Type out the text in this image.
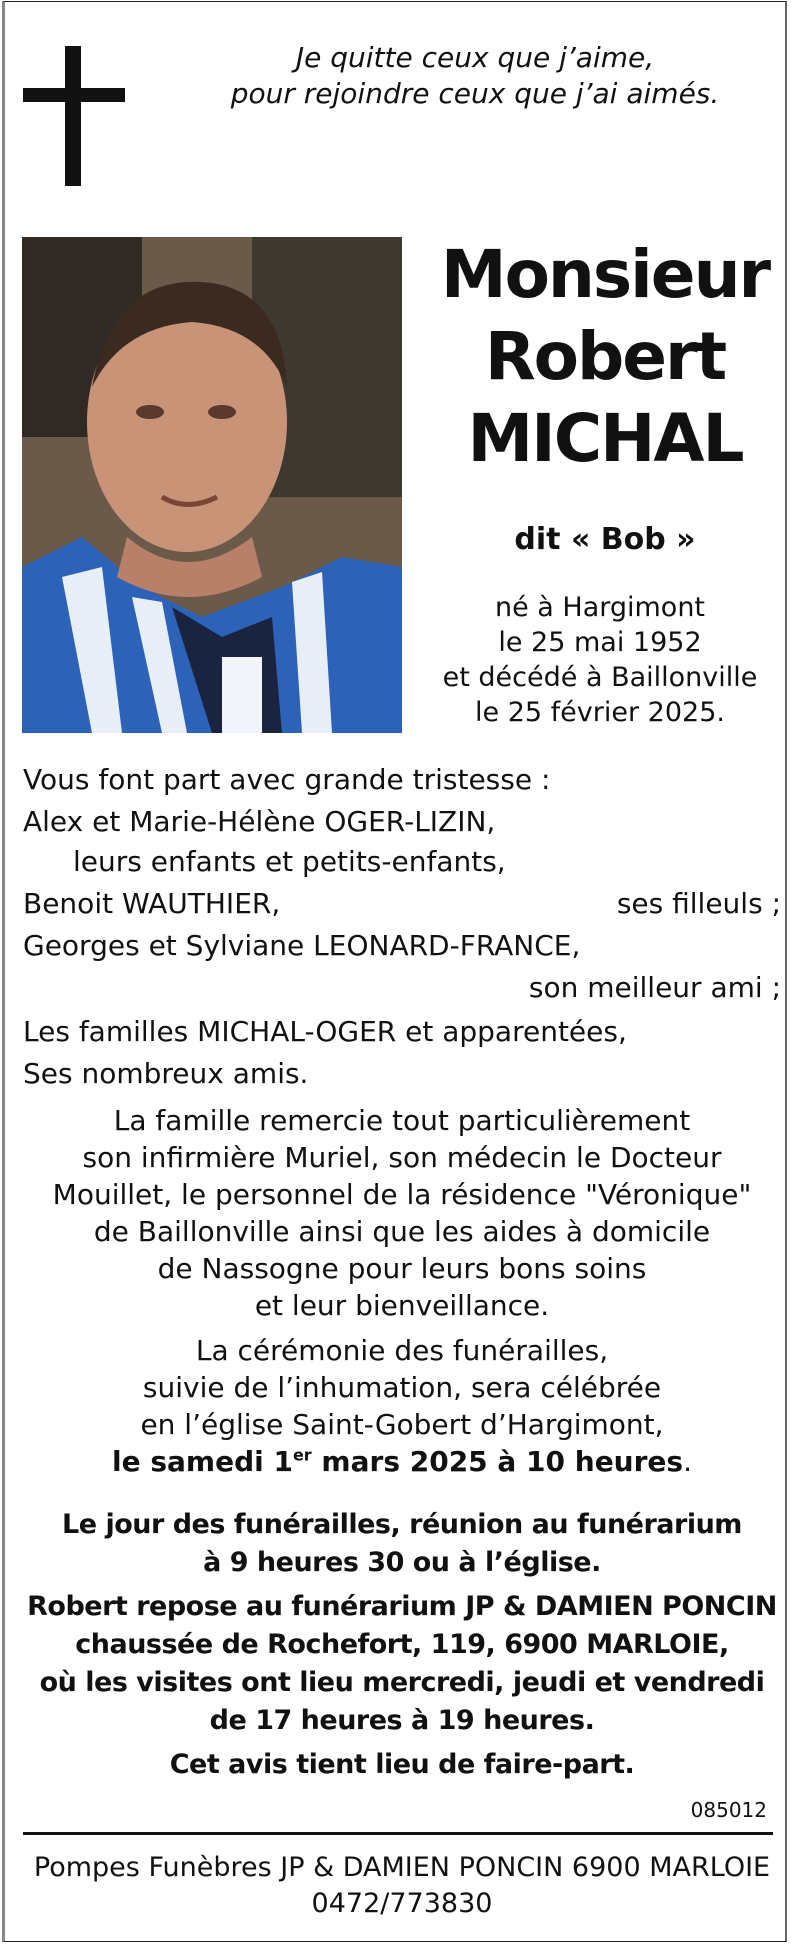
Je quitte ceux que j’aime,
pour rejoindre ceux que j’ai aimés.
Monsieur
Robert
MICHAL
dit « Bob »
né à Hargimont
le 25 mai 1952
et décédé à Baillonville
le 25 février 2025.
Vous font part avec grande tristesse :
Alex et Marie-Hélène OGER-LIZIN,
leurs enfants et petits-enfants,
Benoit WAUTHIER,	ses filleuls ;
Georges et Sylviane LEONARD-FRANCE,
son meilleur ami ;
Les familles MICHAL-OGER et apparentées,
Ses nombreux amis.
La famille remercie tout particulièrement
son infirmière Muriel, son médecin le Docteur
Mouillet, le personnel de la résidence "Véronique"
de Baillonville ainsi que les aides à domicile
de Nassogne pour leurs bons soins
et leur bienveillance.
La cérémonie des funérailles,
suivie de l’inhumation, sera célébrée
en l’église Saint-Gobert d’Hargimont,
le samedi 1er mars 2025 à 10 heures.
Le jour des funérailles, réunion au funérarium
à 9 heures 30 ou à l’église.
Robert repose au funérarium JP & DAMIEN PONCIN
chaussée de Rochefort, 119, 6900 MARLOIE,
où les visites ont lieu mercredi, jeudi et vendredi
de 17 heures à 19 heures.
Cet avis tient lieu de faire-part.
085012
Pompes Funèbres JP & DAMIEN PONCIN 6900 MARLOIE
0472/773830
